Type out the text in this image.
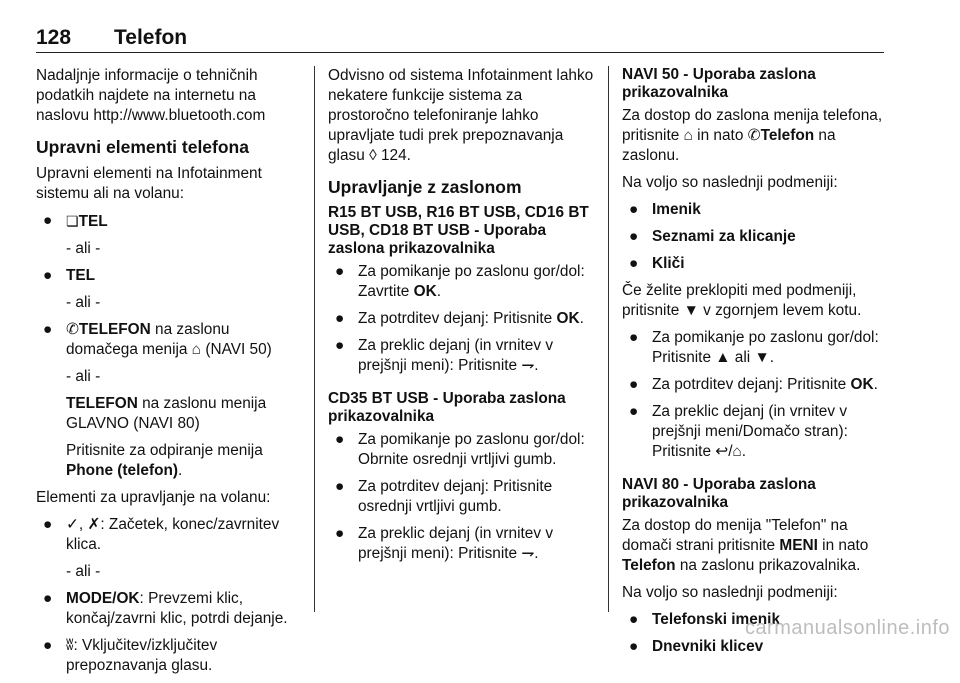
128 Telefon

Nadaljnje informacije o tehničnih podatkih najdete na internetu na naslovu http://www.bluetooth.com

Upravni elementi telefona

Upravni elementi na Infotainment sistemu ali na volanu:

● ❏TEL
- ali -
● TEL
- ali -
● ✆TELEFON na zaslonu domačega menija ⌂ (NAVI 50)
- ali -
TELEFON na zaslonu menija GLAVNO (NAVI 80)
Pritisnite za odpiranje menija Phone (telefon).

Elementi za upravljanje na volanu:

● ✓, ✗: Začetek, konec/zavrnitev klica.
- ali -
● MODE/OK: Prevzemi klic, končaj/zavrni klic, potrdi dejanje.
● ʬ: Vključitev/izključitev prepoznavanja glasu.

Odvisno od sistema Infotainment lahko nekatere funkcije sistema za prostoročno telefoniranje lahko upravljate tudi prek prepoznavanja glasu ◊ 124.

Upravljanje z zaslonom
R15 BT USB, R16 BT USB, CD16 BT USB, CD18 BT USB - Uporaba zaslona prikazovalnika
● Za pomikanje po zaslonu gor/dol: Zavrtite OK.
● Za potrditev dejanj: Pritisnite OK.
● Za preklic dejanj (in vrnitev v prejšnji meni): Pritisnite ⇁.
CD35 BT USB - Uporaba zaslona prikazovalnika
● Za pomikanje po zaslonu gor/dol: Obrnite osrednji vrtljivi gumb.
● Za potrditev dejanj: Pritisnite osrednji vrtljivi gumb.
● Za preklic dejanj (in vrnitev v prejšnji meni): Pritisnite ⇁.
NAVI 50 - Uporaba zaslona prikazovalnika

Za dostop do zaslona menija telefona, pritisnite ⌂ in nato ✆Telefon na zaslonu.

Na voljo so naslednji podmeniji:

● Imenik
● Seznami za klicanje
● Kliči

Če želite preklopiti med podmeniji, pritisnite ▼ v zgornjem levem kotu.

● Za pomikanje po zaslonu gor/dol: Pritisnite ▲ ali ▼.
● Za potrditev dejanj: Pritisnite OK.
● Za preklic dejanj (in vrnitev v prejšnji meni/Domačo stran): Pritisnite ↩/⌂.
NAVI 80 - Uporaba zaslona prikazovalnika

Za dostop do menija "Telefon" na domači strani pritisnite MENI in nato Telefon na zaslonu prikazovalnika.

Na voljo so naslednji podmeniji:

● Telefonski imenik
● Dnevniki klicev
carmanualsonline.info
